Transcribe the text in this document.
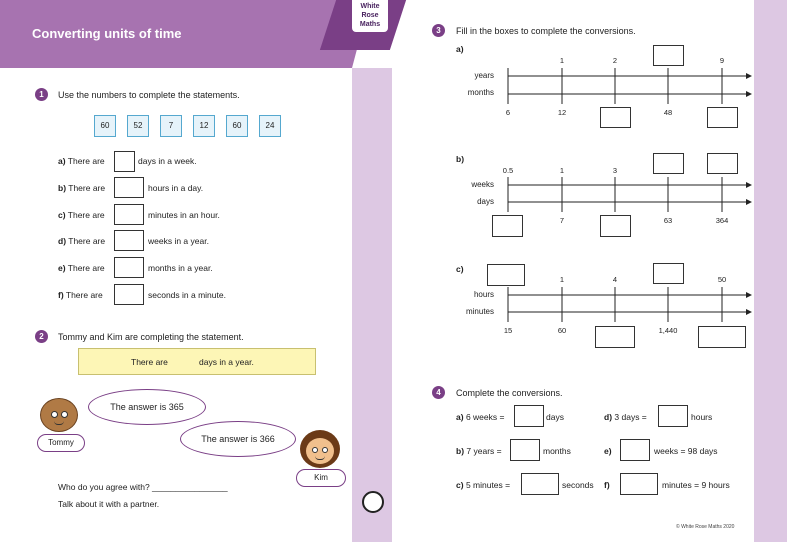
Converting units of time
White
Rose
Maths
1	Use the numbers to complete the statements.
60	52	7	12	60	24
a) There are	days in a week.
b) There are	hours in a day.
c) There are	minutes in an hour.
d) There are	weeks in a year.
e) There are	months in a year.
f) There are	seconds in a minute.
2	Tommy and Kim are completing the statement.
There are	days in a year.
The answer is 365
Tommy	The answer is 366
Kim
Who do you agree with? ________________
Talk about it with a partner.
3	Fill in the boxes to complete the conversions.
a)
years
months
1	2	9
6	12	48
b)
0.5	1	3
weeks
days
7	63	364
c)
1	4	50
hours
minutes
15	60	1,440
4	Complete the conversions.
a) 6 weeks =	days
b) 7 years =	months
c) 5 minutes =	seconds
d) 3 days =	hours
e)	weeks = 98 days
f)	minutes = 9 hours
© White Rose Maths 2020
